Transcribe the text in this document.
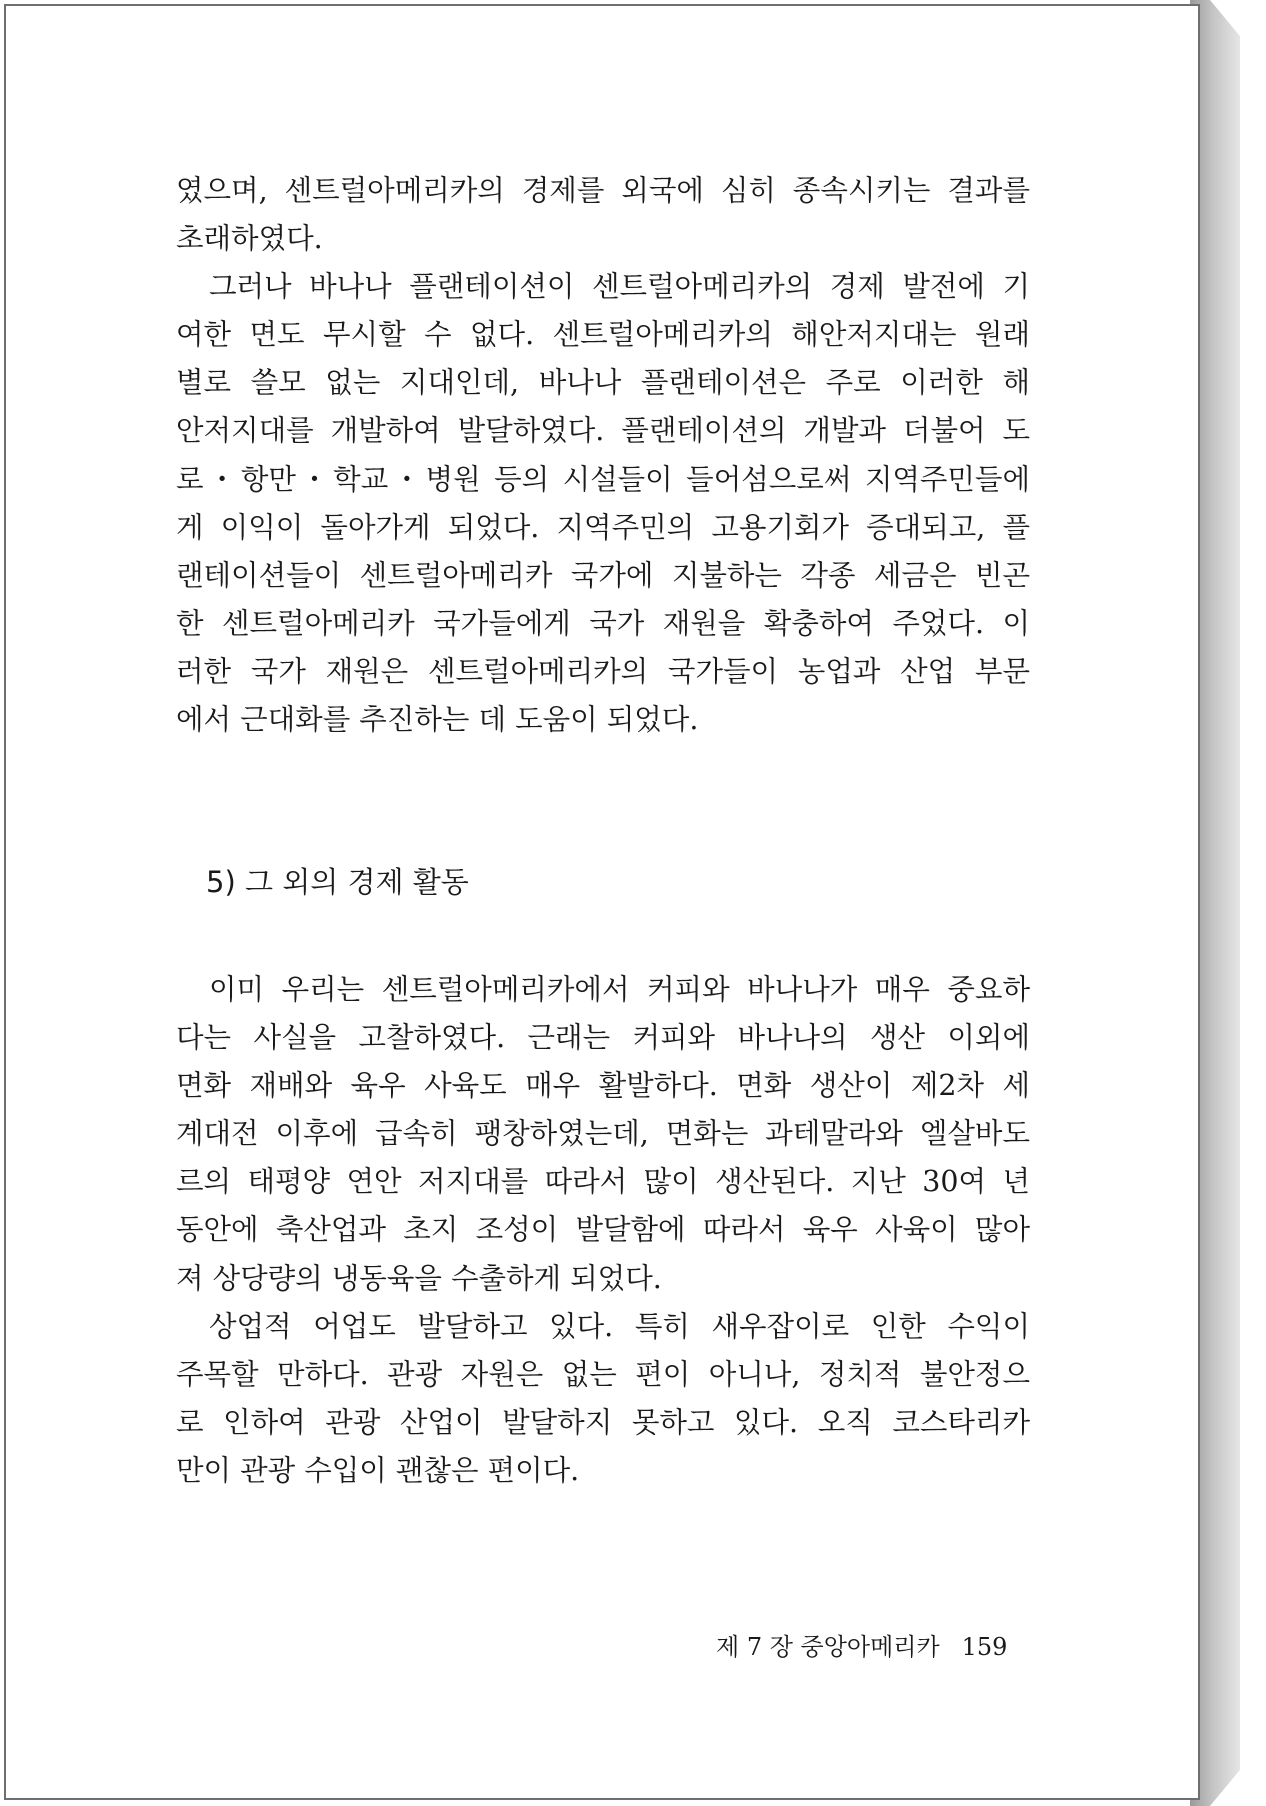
였으며, 센트럴아메리카의 경제를 외국에 심히 종속시키는 결과를
초래하였다.
그러나 바나나 플랜테이션이 센트럴아메리카의 경제 발전에 기
여한 면도 무시할 수 없다. 센트럴아메리카의 해안저지대는 원래
별로 쓸모 없는 지대인데, 바나나 플랜테이션은 주로 이러한 해
안저지대를 개발하여 발달하였다. 플랜테이션의 개발과 더불어 도
로・항만・학교・병원 등의 시설들이 들어섬으로써 지역주민들에
게 이익이 돌아가게 되었다. 지역주민의 고용기회가 증대되고, 플
랜테이션들이 센트럴아메리카 국가에 지불하는 각종 세금은 빈곤
한 센트럴아메리카 국가들에게 국가 재원을 확충하여 주었다. 이
러한 국가 재원은 센트럴아메리카의 국가들이 농업과 산업 부문
에서 근대화를 추진하는 데 도움이 되었다.
5) 그 외의 경제 활동
이미 우리는 센트럴아메리카에서 커피와 바나나가 매우 중요하
다는 사실을 고찰하였다. 근래는 커피와 바나나의 생산 이외에
면화 재배와 육우 사육도 매우 활발하다. 면화 생산이 제2차 세
계대전 이후에 급속히 팽창하였는데, 면화는 과테말라와 엘살바도
르의 태평양 연안 저지대를 따라서 많이 생산된다. 지난 30여 년
동안에 축산업과 초지 조성이 발달함에 따라서 육우 사육이 많아
져 상당량의 냉동육을 수출하게 되었다.
상업적 어업도 발달하고 있다. 특히 새우잡이로 인한 수익이
주목할 만하다. 관광 자원은 없는 편이 아니나, 정치적 불안정으
로 인하여 관광 산업이 발달하지 못하고 있다. 오직 코스타리카
만이 관광 수입이 괜찮은 편이다.
제 7 장 중앙아메리카 159
